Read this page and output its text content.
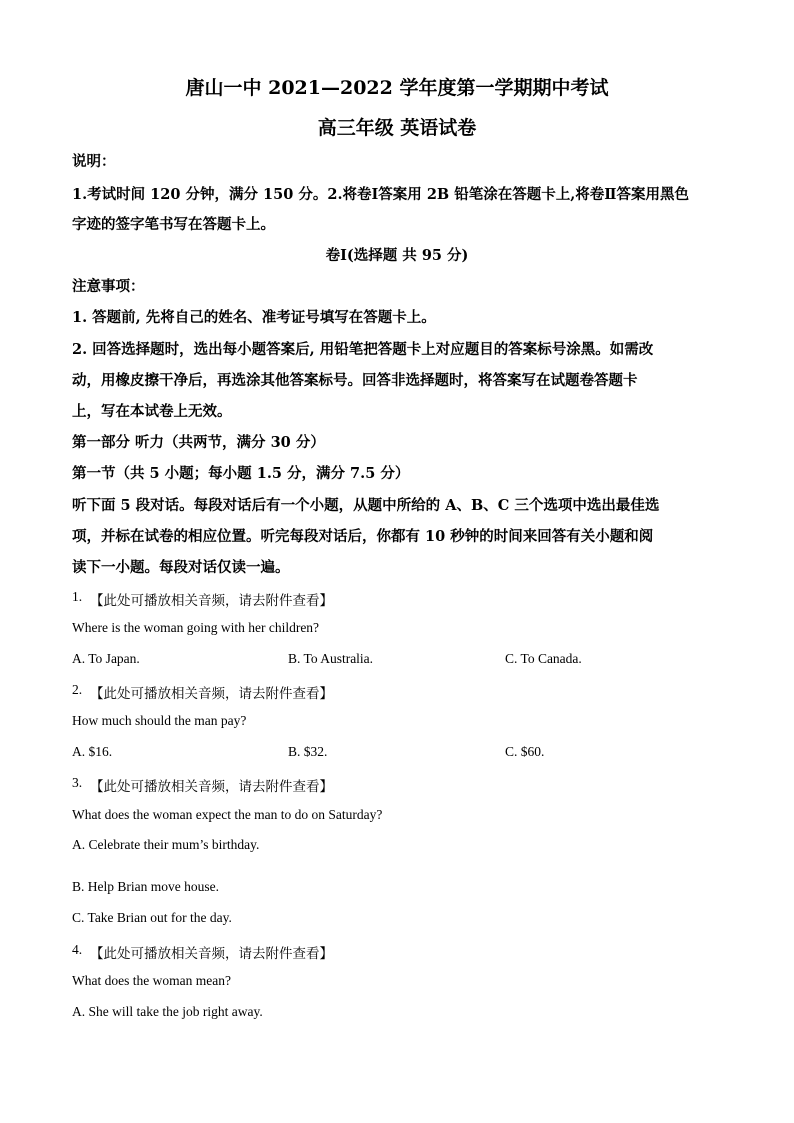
唐山一中 2021—2022 学年度第一学期期中考试
高三年级 英语试卷
说明：
1.考试时间 120 分钟，满分 150 分。2.将卷Ⅰ答案用 2B 铅笔涂在答题卡上,将卷Ⅱ答案用黑色
字迹的签字笔书写在答题卡上。
卷Ⅰ(选择题 共 95 分)
注意事项：
1. 答题前, 先将自己的姓名、准考证号填写在答题卡上。
2. 回答选择题时，选出每小题答案后, 用铅笔把答题卡上对应题目的答案标号涂黑。如需改
动，用橡皮擦干净后，再选涂其他答案标号。回答非选择题时，将答案写在试题卷答题卡
上，写在本试卷上无效。
第一部分 听力（共两节，满分 30 分）
第一节（共 5 小题；每小题 1.5 分，满分 7.5 分）
听下面 5 段对话。每段对话后有一个小题，从题中所给的 A、B、C 三个选项中选出最佳选
项，并标在试卷的相应位置。听完每段对话后，你都有 10 秒钟的时间来回答有关小题和阅
读下一小题。每段对话仅读一遍。
1. 【此处可播放相关音频，请去附件查看】
Where is the woman going with her children?
A. To Japan.	B. To Australia.	C. To Canada.
2. 【此处可播放相关音频，请去附件查看】
How much should the man pay?
A. $16.	B. $32.	C. $60.
3. 【此处可播放相关音频，请去附件查看】
What does the woman expect the man to do on Saturday?
A. Celebrate their mum’s birthday.
B. Help Brian move house.
C. Take Brian out for the day.
4. 【此处可播放相关音频，请去附件查看】
What does the woman mean?
A. She will take the job right away.
